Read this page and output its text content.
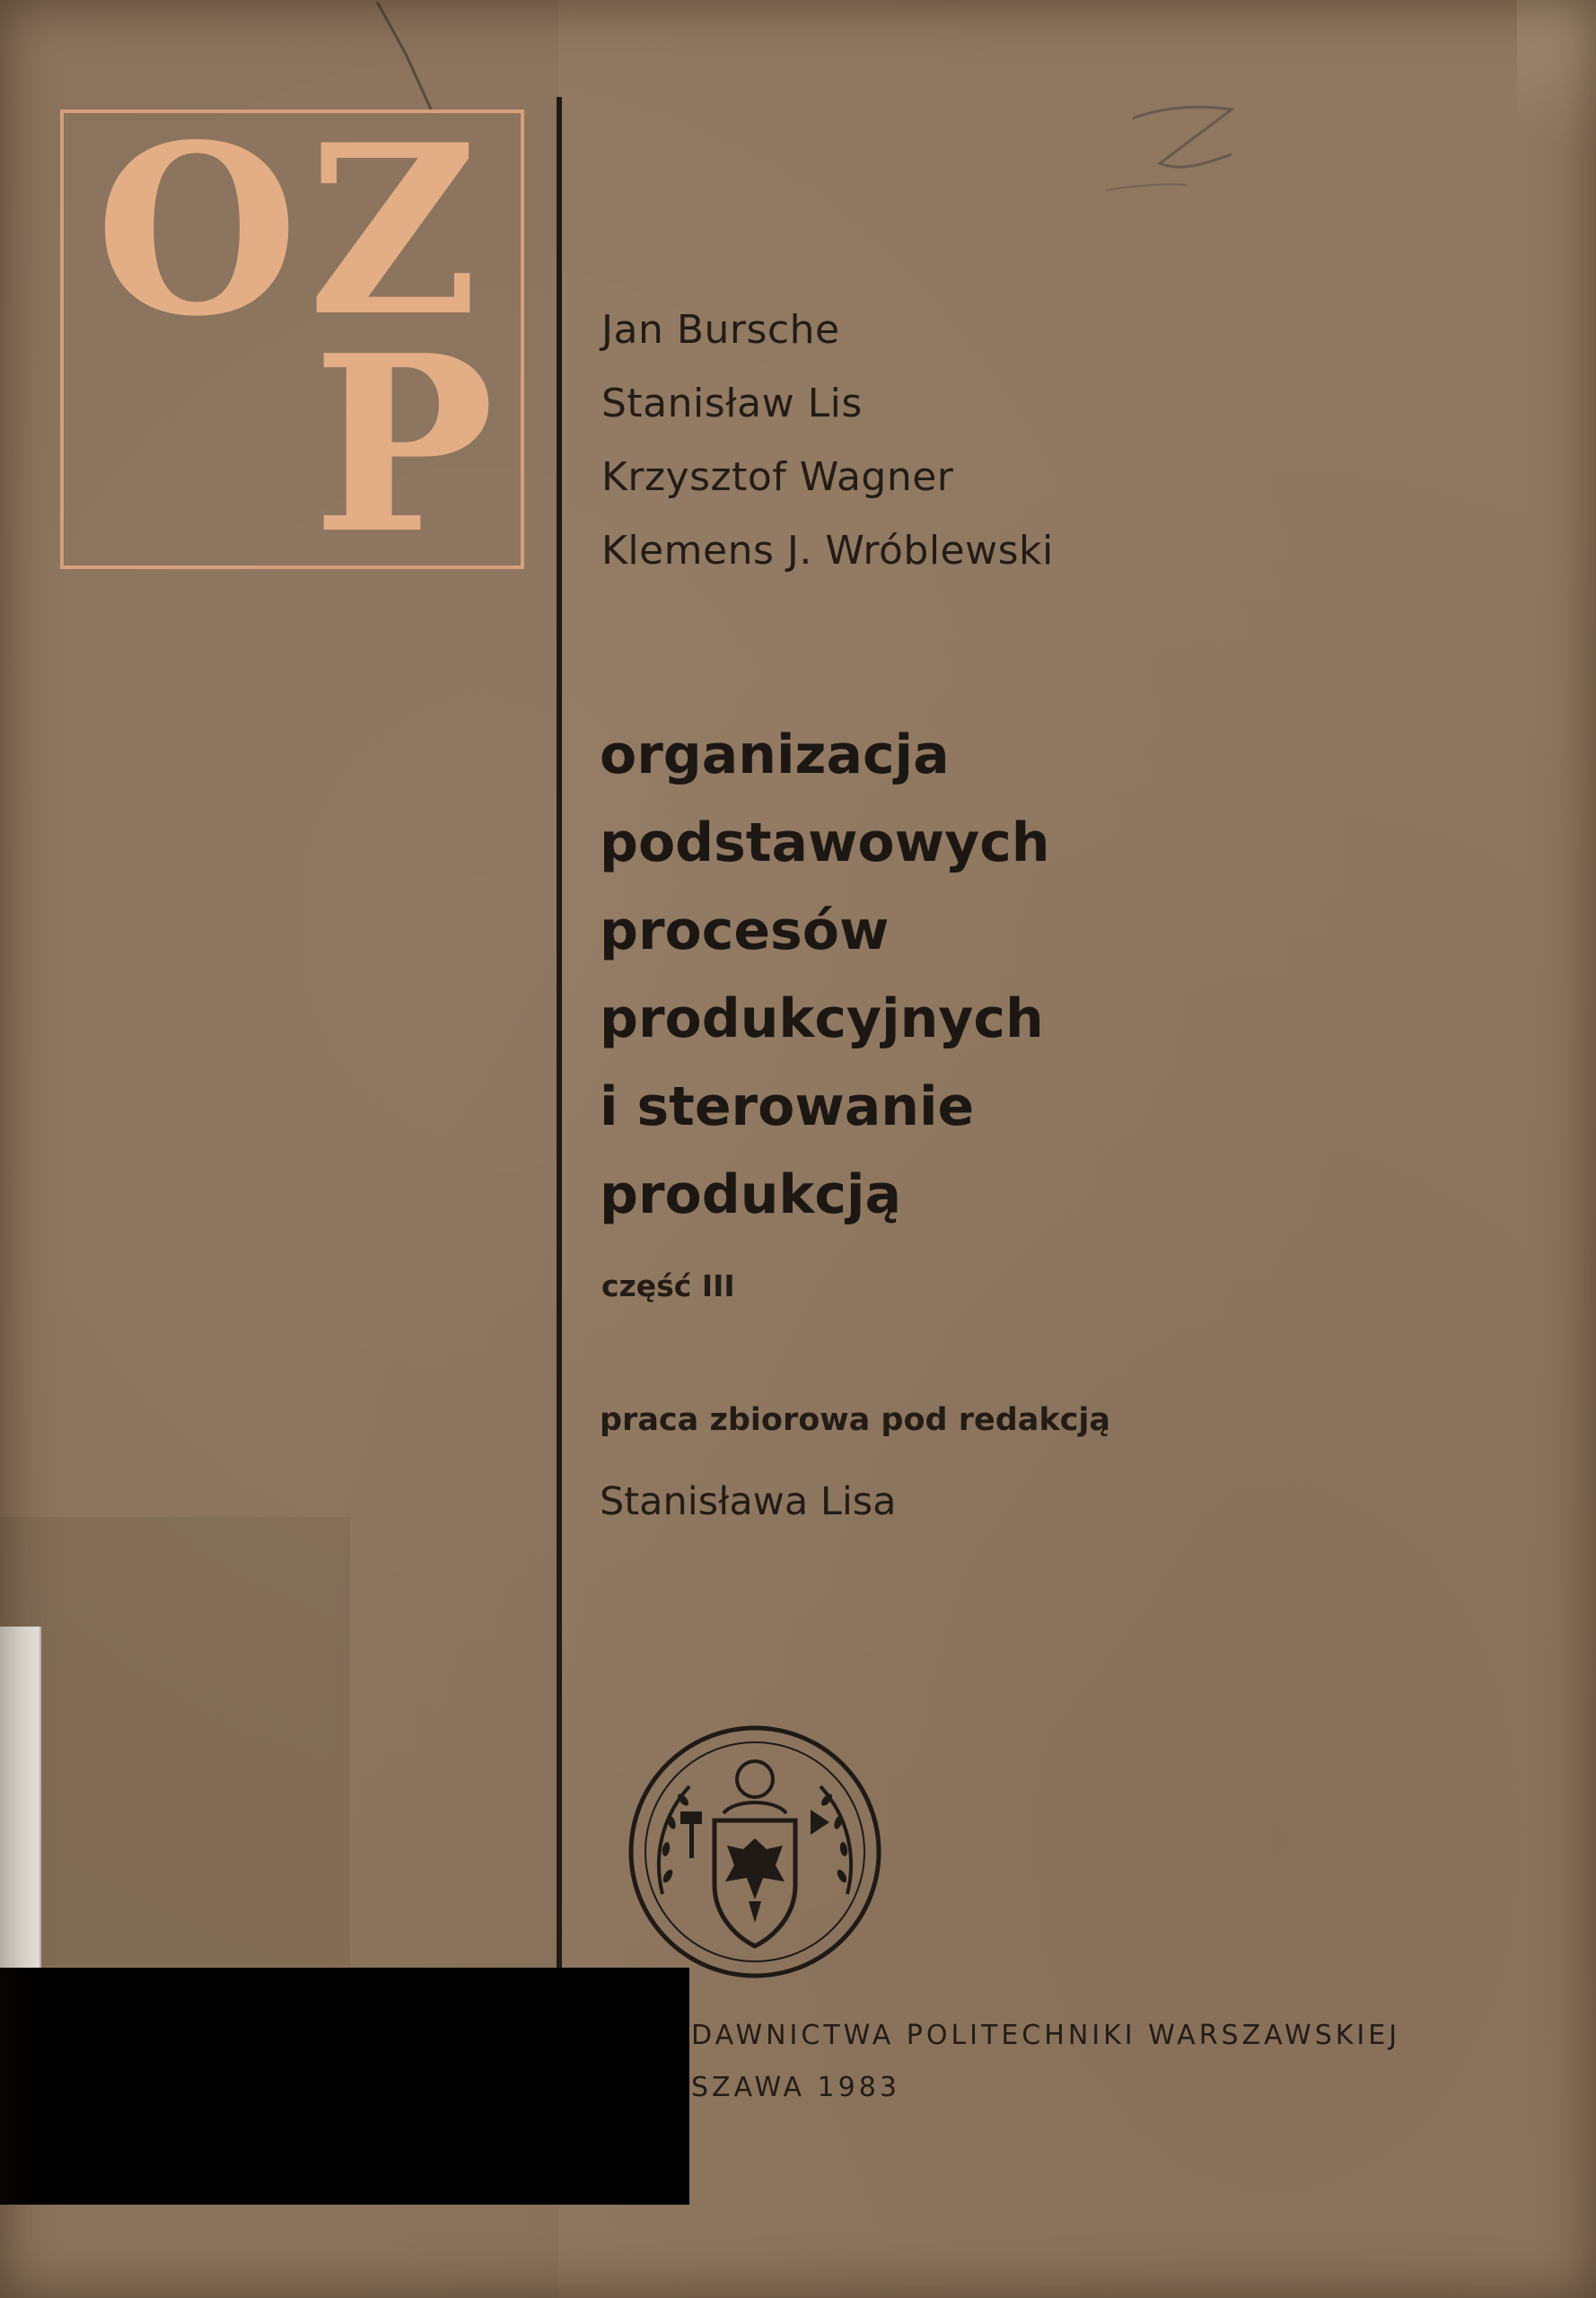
O Z
P	Jan Bursche
Stanisław Lis
Krzysztof Wagner
Klemens J. Wróblewski
organizacja
podstawowych
procesów
produkcyjnych
i sterowanie
produkcją
część III
praca zbiorowa pod redakcją
Stanisława Lisa
DAWNICTWA POLITECHNIKI WARSZAWSKIEJ
SZAWA 1983
